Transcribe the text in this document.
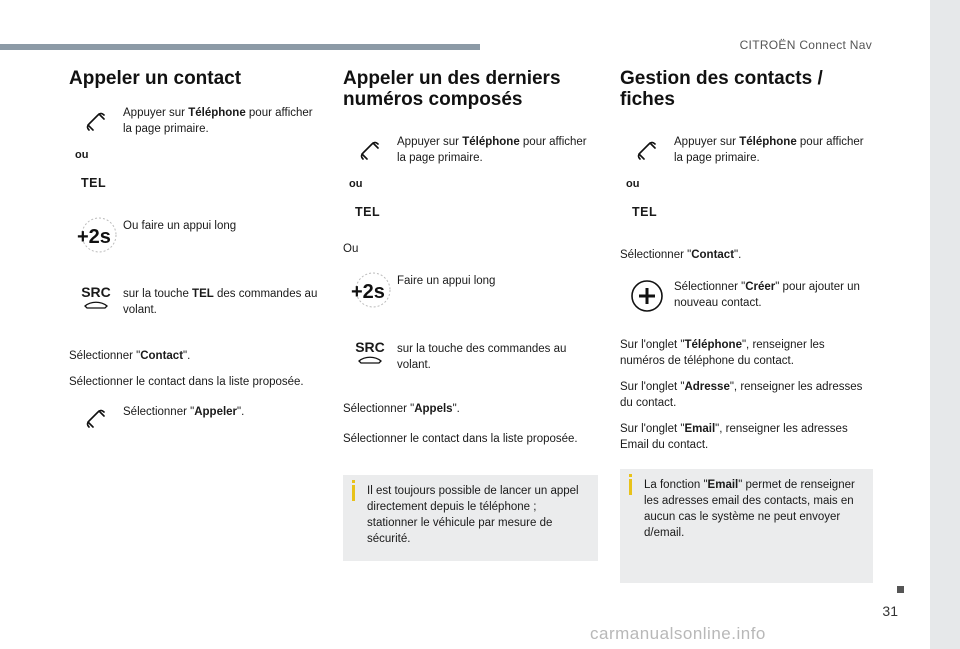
CITROËN Connect Nav
31
carmanualsonline.info
Appeler un contact
Appuyer sur Téléphone pour afficher la page primaire.
ou
TEL
+2s Ou faire un appui long
SRC sur la touche TEL des commandes au volant.
Sélectionner "Contact".
Sélectionner le contact dans la liste proposée.
Sélectionner "Appeler".
Appeler un des derniers numéros composés
Appuyer sur Téléphone pour afficher la page primaire.
ou
TEL
Ou
+2s Faire un appui long
SRC sur la touche des commandes au volant.
Sélectionner "Appels".
Sélectionner le contact dans la liste proposée.
Il est toujours possible de lancer un appel directement depuis le téléphone ; stationner le véhicule par mesure de sécurité.
Gestion des contacts / fiches
Appuyer sur Téléphone pour afficher la page primaire.
ou
TEL
Sélectionner "Contact".
Sélectionner "Créer" pour ajouter un nouveau contact.
Sur l'onglet "Téléphone", renseigner les numéros de téléphone du contact.
Sur l'onglet "Adresse", renseigner les adresses du contact.
Sur l'onglet "Email", renseigner les adresses Email du contact.
La fonction "Email" permet de renseigner les adresses email des contacts, mais en aucun cas le système ne peut envoyer d/email.
